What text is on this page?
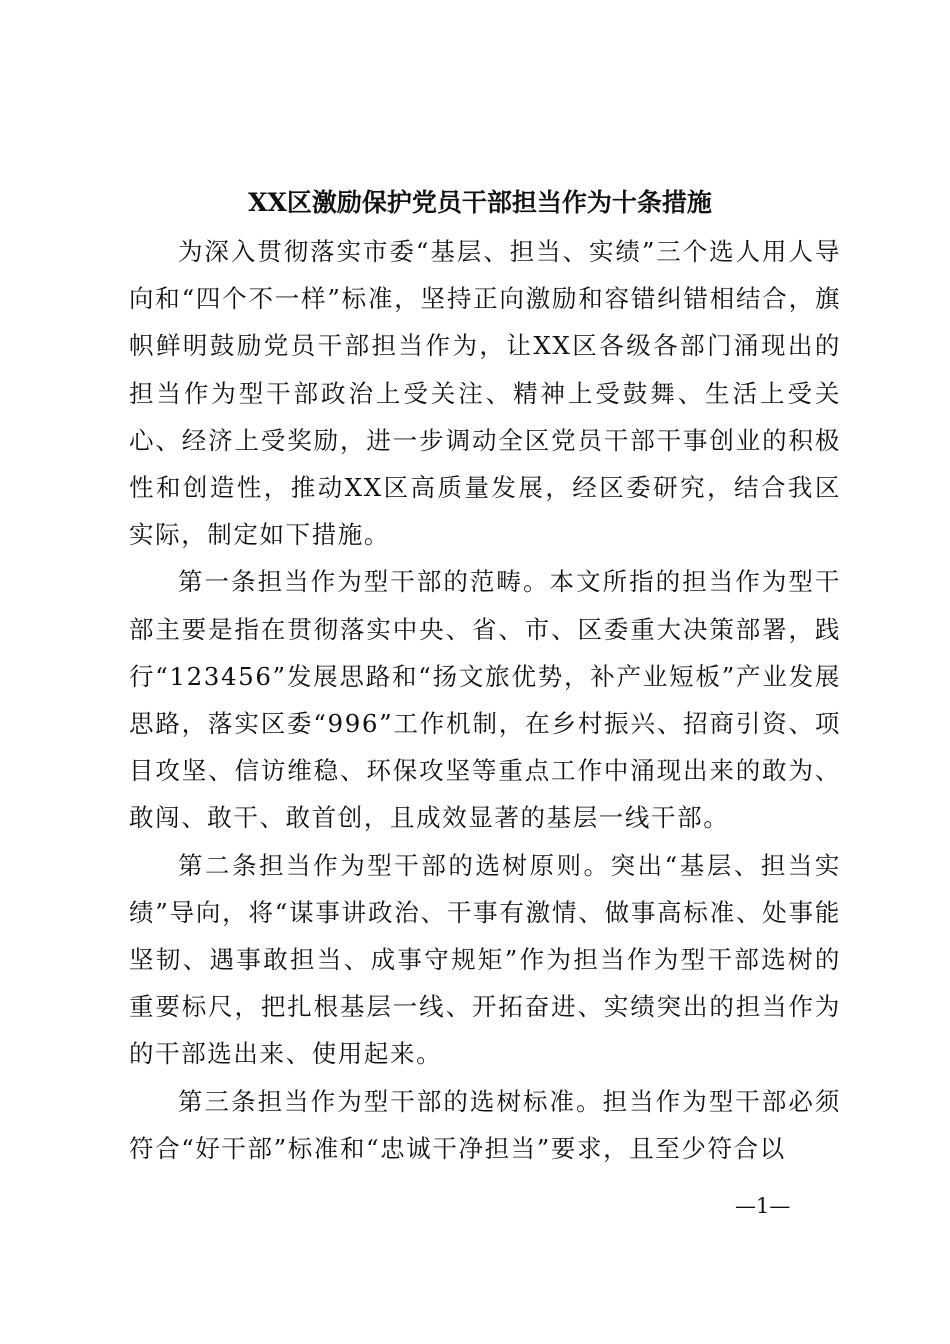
XX区激励保护党员干部担当作为十条措施

为深入贯彻落实市委“基层、担当、实绩”三个选人用人导向和“四个不一样”标准，坚持正向激励和容错纠错相结合，旗帜鲜明鼓励党员干部担当作为，让XX区各级各部门涌现出的担当作为型干部政治上受关注、精神上受鼓舞、生活上受关心、经济上受奖励，进一步调动全区党员干部干事创业的积极性和创造性，推动XX区高质量发展，经区委研究，结合我区实际，制定如下措施。

第一条担当作为型干部的范畴。本文所指的担当作为型干部主要是指在贯彻落实中央、省、市、区委重大决策部署，践行“123456”发展思路和“扬文旅优势，补产业短板”产业发展思路，落实区委“996”工作机制，在乡村振兴、招商引资、项目攻坚、信访维稳、环保攻坚等重点工作中涌现出来的敢为、敢闯、敢干、敢首创，且成效显著的基层一线干部。

第二条担当作为型干部的选树原则。突出“基层、担当实绩”导向，将“谋事讲政治、干事有激情、做事高标准、处事能坚韧、遇事敢担当、成事守规矩”作为担当作为型干部选树的重要标尺，把扎根基层一线、开拓奋进、实绩突出的担当作为的干部选出来、使用起来。

第三条担当作为型干部的选树标准。担当作为型干部必须符合“好干部”标准和“忠诚干净担当”要求，且至少符合以

—1—
